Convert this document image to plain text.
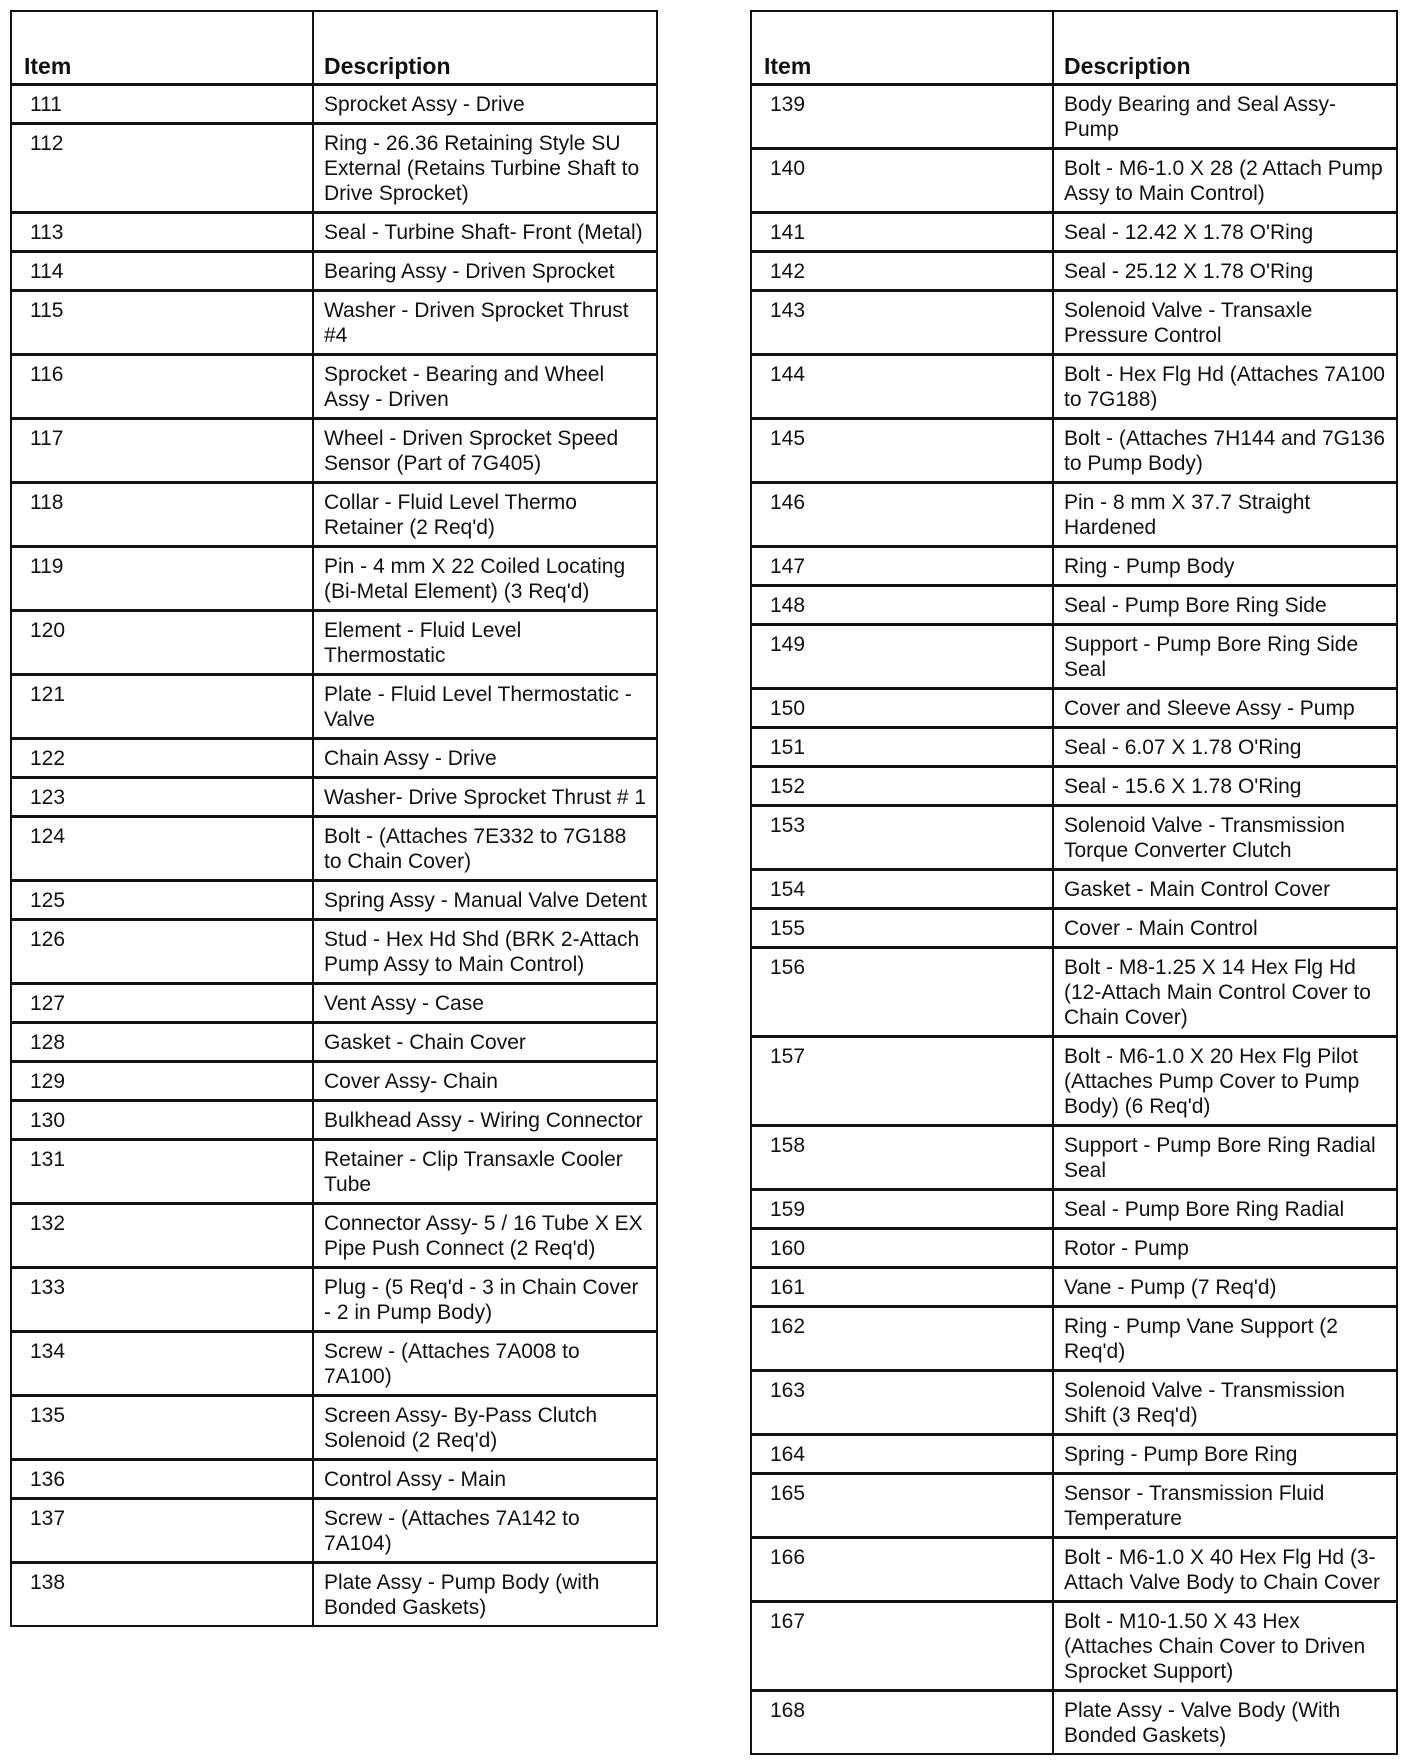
Item	Description
111	Sprocket Assy - Drive
112	Ring - 26.36 Retaining Style SU External (Retains Turbine Shaft to Drive Sprocket)
113	Seal - Turbine Shaft- Front (Metal)
114	Bearing Assy - Driven Sprocket
115	Washer - Driven Sprocket Thrust #4
116	Sprocket - Bearing and Wheel Assy - Driven
117	Wheel - Driven Sprocket Speed Sensor (Part of 7G405)
118	Collar - Fluid Level Thermo Retainer (2 Req'd)
119	Pin - 4 mm X 22 Coiled Locating (Bi-Metal Element) (3 Req'd)
120	Element - Fluid Level Thermostatic
121	Plate - Fluid Level Thermostatic - Valve
122	Chain Assy - Drive
123	Washer- Drive Sprocket Thrust # 1
124	Bolt - (Attaches 7E332 to 7G188 to Chain Cover)
125	Spring Assy - Manual Valve Detent
126	Stud - Hex Hd Shd (BRK 2-Attach Pump Assy to Main Control)
127	Vent Assy - Case
128	Gasket - Chain Cover
129	Cover Assy- Chain
130	Bulkhead Assy - Wiring Connector
131	Retainer - Clip Transaxle Cooler Tube
132	Connector Assy- 5 / 16 Tube X EX Pipe Push Connect (2 Req'd)
133	Plug - (5 Req'd - 3 in Chain Cover - 2 in Pump Body)
134	Screw - (Attaches 7A008 to 7A100)
135	Screen Assy- By-Pass Clutch Solenoid (2 Req'd)
136	Control Assy - Main
137	Screw - (Attaches 7A142 to 7A104)
138	Plate Assy - Pump Body (with Bonded Gaskets)
Item	Description
139	Body Bearing and Seal Assy- Pump
140	Bolt - M6-1.0 X 28 (2 Attach Pump Assy to Main Control)
141	Seal - 12.42 X 1.78 O'Ring
142	Seal - 25.12 X 1.78 O'Ring
143	Solenoid Valve - Transaxle Pressure Control
144	Bolt - Hex Flg Hd (Attaches 7A100 to 7G188)
145	Bolt - (Attaches 7H144 and 7G136 to Pump Body)
146	Pin - 8 mm X 37.7 Straight Hardened
147	Ring - Pump Body
148	Seal - Pump Bore Ring Side
149	Support - Pump Bore Ring Side Seal
150	Cover and Sleeve Assy - Pump
151	Seal - 6.07 X 1.78 O'Ring
152	Seal - 15.6 X 1.78 O'Ring
153	Solenoid Valve - Transmission Torque Converter Clutch
154	Gasket - Main Control Cover
155	Cover - Main Control
156	Bolt - M8-1.25 X 14 Hex Flg Hd (12-Attach Main Control Cover to Chain Cover)
157	Bolt - M6-1.0 X 20 Hex Flg Pilot (Attaches Pump Cover to Pump Body) (6 Req'd)
158	Support - Pump Bore Ring Radial Seal
159	Seal - Pump Bore Ring Radial
160	Rotor - Pump
161	Vane - Pump (7 Req'd)
162	Ring - Pump Vane Support (2 Req'd)
163	Solenoid Valve - Transmission Shift (3 Req'd)
164	Spring - Pump Bore Ring
165	Sensor - Transmission Fluid Temperature
166	Bolt - M6-1.0 X 40 Hex Flg Hd (3-Attach Valve Body to Chain Cover
167	Bolt - M10-1.50 X 43 Hex (Attaches Chain Cover to Driven Sprocket Support)
168	Plate Assy - Valve Body (With Bonded Gaskets)
